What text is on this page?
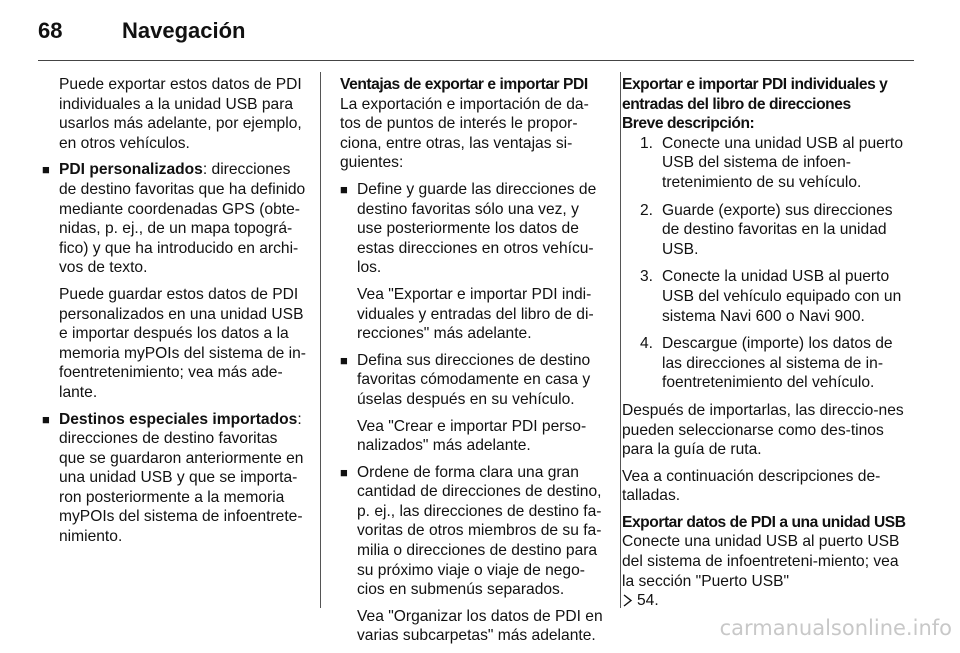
68	Navegación

Puede exportar estos datos de PDI individuales a la unidad USB para usarlos más adelante, por ejemplo, en otros vehículos.

■ PDI personalizados: direcciones de destino favoritas que ha definido mediante coordenadas GPS (obte-nidas, p. ej., de un mapa topográ-fico) y que ha introducido en archi-vos de texto.

Puede guardar estos datos de PDI personalizados en una unidad USB e importar después los datos a la memoria myPOIs del sistema de in-foentretenimiento; vea más ade-lante.

■ Destinos especiales importados: direcciones de destino favoritas que se guardaron anteriormente en una unidad USB y que se importa-ron posteriormente a la memoria myPOIs del sistema de infoentrete-nimiento.
Ventajas de exportar e importar PDI

La exportación e importación de da-tos de puntos de interés le propor-ciona, entre otras, las ventajas si-guientes:

■ Define y guarde las direcciones de destino favoritas sólo una vez, y use posteriormente los datos de estas direcciones en otros vehícu-los.

Vea "Exportar e importar PDI indi-viduales y entradas del libro de di-recciones" más adelante.

■ Defina sus direcciones de destino favoritas cómodamente en casa y úselas después en su vehículo.

Vea "Crear e importar PDI perso-nalizados" más adelante.

■ Ordene de forma clara una gran cantidad de direcciones de destino, p. ej., las direcciones de destino fa-voritas de otros miembros de su fa-milia o direcciones de destino para su próximo viaje o viaje de nego-cios en submenús separados.

Vea "Organizar los datos de PDI en varias subcarpetas" más adelante.

Exportar e importar PDI individuales y entradas del libro de direcciones
Breve descripción:
1. Conecte una unidad USB al puerto USB del sistema de infoen-tretenimiento de su vehículo.
2. Guarde (exporte) sus direcciones de destino favoritas en la unidad USB.
3. Conecte la unidad USB al puerto USB del vehículo equipado con un sistema Navi 600 o Navi 900.
4. Descargue (importe) los datos de las direcciones al sistema de in-foentretenimiento del vehículo.

Después de importarlas, las direccio-nes pueden seleccionarse como des-tinos para la guía de ruta.

Vea a continuación descripciones de-talladas.

Exportar datos de PDI a una unidad USB

Conecte una unidad USB al puerto USB del sistema de infoentreteni-miento; vea la sección "Puerto USB"
54.

carmanualsonline.info
